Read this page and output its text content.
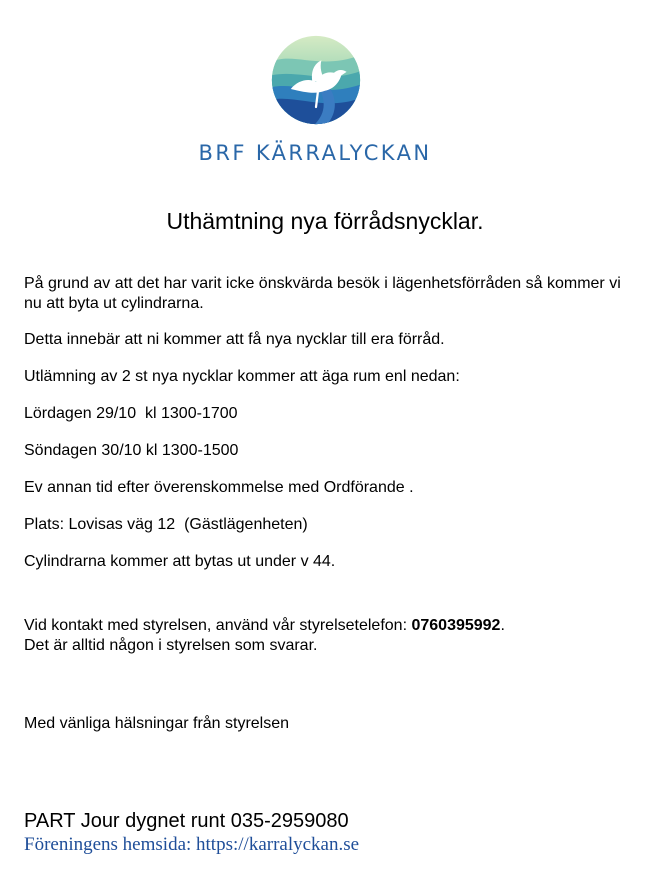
BRF KÄRRALYCKAN
Uthämtning nya förrådsnycklar.

På grund av att det har varit icke önskvärda besök i lägenhetsförråden så kommer vi nu att byta ut cylindrarna.

Detta innebär att ni kommer att få nya nycklar till era förråd.

Utlämning av 2 st nya nycklar kommer att äga rum enl nedan:

Lördagen 29/10  kl 1300-1700

Söndagen 30/10 kl 1300-1500

Ev annan tid efter överenskommelse med Ordförande .

Plats: Lovisas väg 12  (Gästlägenheten)

Cylindrarna kommer att bytas ut under v 44.

Vid kontakt med styrelsen, använd vår styrelsetelefon: 0760395992.

Det är alltid någon i styrelsen som svarar.

Med vänliga hälsningar från styrelsen

PART Jour dygnet runt 035-2959080
Föreningens hemsida: https://karralyckan.se
